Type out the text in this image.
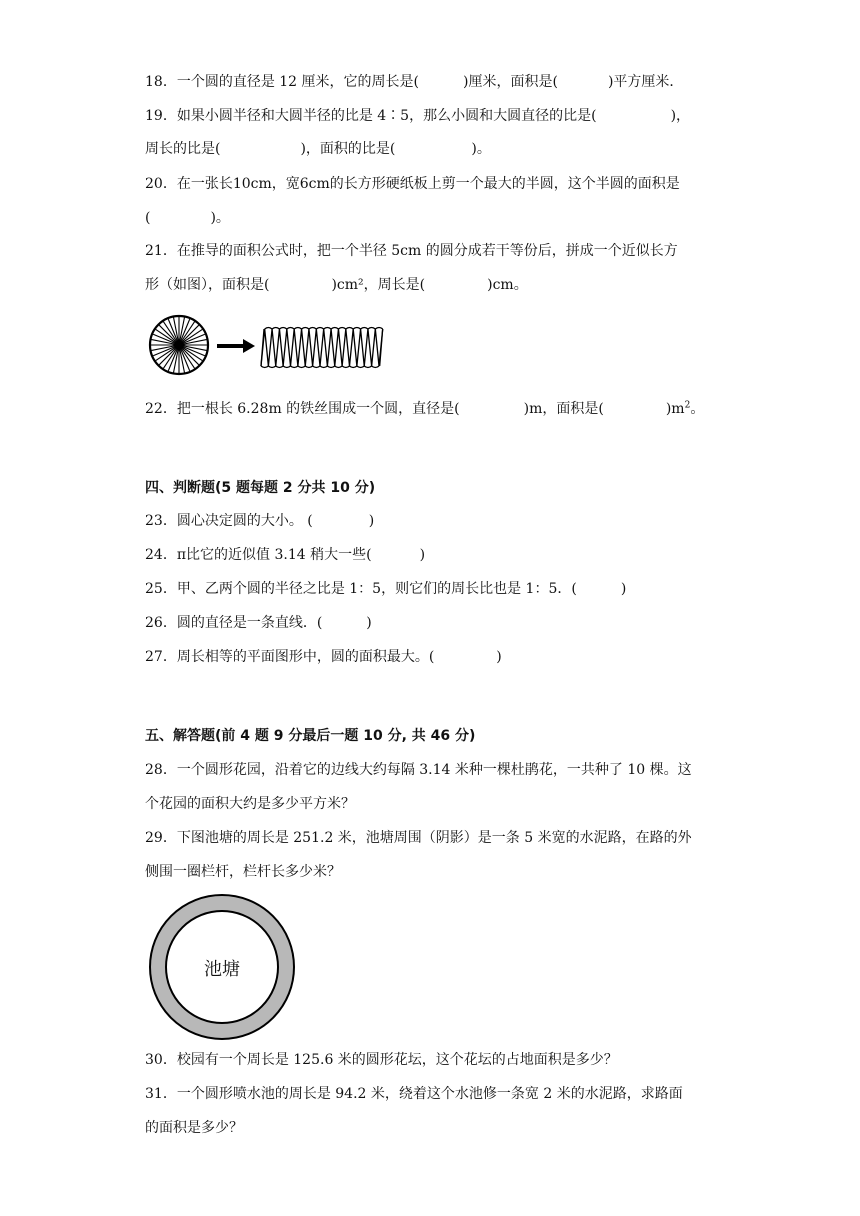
18．一个圆的直径是 12 厘米，它的周长是(	)厘米，面积是(	)平方厘米．
19．如果小圆半径和大圆半径的比是 4∶5，那么小圆和大圆直径的比是(	)，
周长的比是(	)，面积的比是(	)。
20．在一张长10cm，宽6cm的长方形硬纸板上剪一个最大的半圆，这个半圆的面积是
(	)。
21．在推导的面积公式时，把一个半径 5cm 的圆分成若干等份后，拼成一个近似长方
形（如图），面积是(	)cm²，周长是(	)cm。
22．把一根长 6.28m 的铁丝围成一个圆，直径是(	)m，面积是(	)$m^2$。
四、判断题(5 题每题 2 分共 10 分)
23．圆心决定圆的大小。 (	)
24．π比它的近似值 3.14 稍大一些(	)
25．甲、乙两个圆的半径之比是 1：5，则它们的周长比也是 1：5．(	)
26．圆的直径是一条直线．(	)
27．周长相等的平面图形中，圆的面积最大。(	)
五、解答题(前 4 题 9 分最后一题 10 分, 共 46 分)
28．一个圆形花园，沿着它的边线大约每隔 3.14 米种一棵杜鹃花，一共种了 10 棵。这
个花园的面积大约是多少平方米？
29．下图池塘的周长是 251.2 米，池塘周围（阴影）是一条 5 米宽的水泥路，在路的外
侧围一圈栏杆，栏杆长多少米？
池塘
30．校园有一个周长是 125.6 米的圆形花坛，这个花坛的占地面积是多少？
31．一个圆形喷水池的周长是 94.2 米，绕着这个水池修一条宽 2 米的水泥路，求路面
的面积是多少？
